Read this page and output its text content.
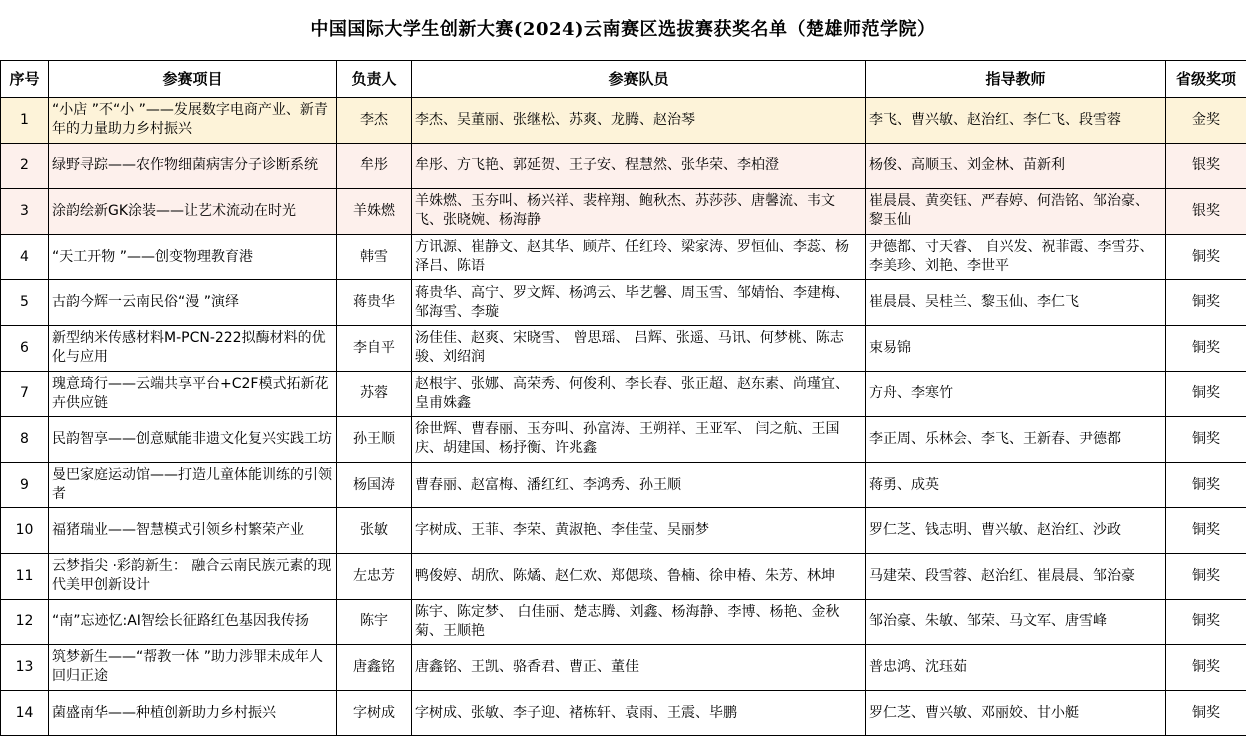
中国国际大学生创新大赛(2024)云南赛区选拔赛获奖名单（楚雄师范学院）
序号	参赛项目	负责人	参赛队员	指导教师	省级奖项
1	“小店 ”不“小 ”——发展数字电商产业、新青年的力量助力乡村振兴	李杰	李杰、吴董丽、张继松、苏爽、龙腾、赵治琴	李飞、曹兴敏、赵治红、李仁飞、段雪蓉	金奖
2	绿野寻踪——农作物细菌病害分子诊断系统	牟彤	牟彤、方飞艳、郭延贺、王子安、程慧然、张华荣、李柏澄	杨俊、高顺玉、刘金林、苗新利	银奖
3	涂韵绘新GK涂装——让艺术流动在时光	羊姝燃	羊姝燃、玉夯叫、杨兴祥、裴梓翔、鲍秋杰、苏莎莎、唐馨流、韦文飞、张晓婉、杨海静	崔晨晨、黄奕钰、严春婷、何浩铭、邹治豪、黎玉仙	银奖
4	“天工开物 ”——创变物理教育港	韩雪	方讯源、崔静文、赵其华、顾芹、任红玲、梁家涛、罗恒仙、李蕊、杨泽吕、陈语	尹德都、寸天睿、 自兴发、祝菲霞、李雪芬、李美珍、刘艳、李世平	铜奖
5	古韵今辉一云南民俗“漫 ”演绎	蒋贵华	蒋贵华、高宁、罗文辉、杨鸿云、毕艺馨、周玉雪、邹婧怡、李建梅、邹海雪、李璇	崔晨晨、吴桂兰、黎玉仙、李仁飞	铜奖
6	新型纳米传感材料M-PCN-222拟酶材料的优化与应用	李自平	汤佳佳、赵爽、宋晓雪、 曾思瑶、 吕辉、张遥、马讯、何梦桃、陈志骏、刘绍润	束易锦	铜奖
7	瑰意琦行——云端共享平台+C2F模式拓新花卉供应链	苏蓉	赵根宇、张娜、高荣秀、何俊利、李长春、张正超、赵东素、尚瑾宜、皇甫姝鑫	方舟、李寒竹	铜奖
8	民韵智享——创意赋能非遗文化复兴实践工坊	孙王顺	徐世辉、曹春丽、玉夯叫、孙富涛、王朔祥、王亚军、 闫之航、王国庆、胡建国、杨抒衡、许兆鑫	李正周、乐林会、李飞、王新春、尹德都	铜奖
9	曼巴家庭运动馆——打造儿童体能训练的引领者	杨国涛	曹春丽、赵富梅、潘红红、李鸿秀、孙王顺	蒋勇、成英	铜奖
10	福猪瑞业——智慧模式引领乡村繁荣产业	张敏	字树成、王菲、李荣、黄淑艳、李佳莹、吴丽梦	罗仁芝、钱志明、曹兴敏、赵治红、沙政	铜奖
11	云梦指尖 ·彩韵新生： 融合云南民族元素的现代美甲创新设计	左忠芳	鸭俊婷、胡欣、陈燏、赵仁欢、郑偲琰、鲁楠、徐申椿、朱芳、林坤	马建荣、段雪蓉、赵治红、崔晨晨、邹治豪	铜奖
12	“南”忘迹忆:AI智绘长征路红色基因我传扬	陈宇	陈宇、陈定梦、 白佳丽、楚志腾、刘鑫、杨海静、李博、杨艳、金秋菊、王顺艳	邹治豪、朱敏、邹荣、马文军、唐雪峰	铜奖
13	筑梦新生——“帮教一体 ”助力涉罪未成年人回归正途	唐鑫铭	唐鑫铭、王凯、骆香君、曹正、董佳	普忠鸿、沈珏茹	铜奖
14	菌盛南华——种植创新助力乡村振兴	字树成	字树成、张敏、李子迎、褚栋轩、袁雨、王震、毕鹏	罗仁芝、曹兴敏、邓丽姣、甘小艇	铜奖
